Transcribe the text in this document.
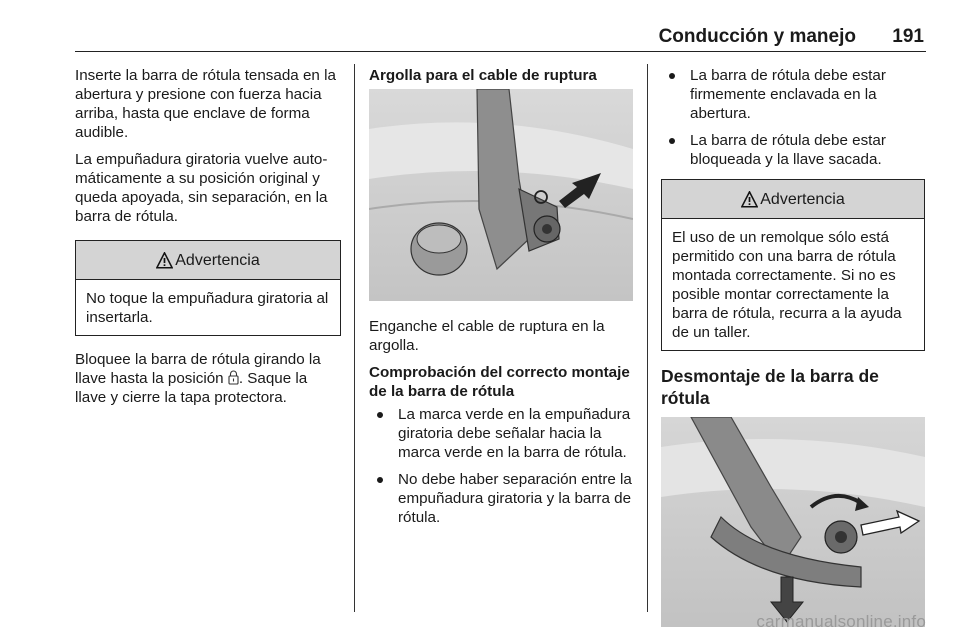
Conducción y manejo 191

Inserte la barra de rótula tensada en la abertura y presione con fuerza hacia arriba, hasta que enclave de forma audible.

La empuñadura giratoria vuelve automáticamente a su posición original y queda apoyada, sin separación, en la barra de rótula.

Advertencia
No toque la empuñadura giratoria al insertarla.

Bloquee la barra de rótula girando la llave hasta la posición . Saque la llave y cierre la tapa protectora.

Argolla para el cable de ruptura

Enganche el cable de ruptura en la argolla.

Comprobación del correcto montaje de la barra de rótula
La marca verde en la empuñadura giratoria debe señalar hacia la marca verde en la barra de rótula.
No debe haber separación entre la empuñadura giratoria y la barra de rótula.
La barra de rótula debe estar firmemente enclavada en la abertura.
La barra de rótula debe estar bloqueada y la llave sacada.
Advertencia
El uso de un remolque sólo está permitido con una barra de rótula montada correctamente. Si no es posible montar correctamente la barra de rótula, recurra a la ayuda de un taller.
Desmontaje de la barra de rótula
carmanualsonline.info
